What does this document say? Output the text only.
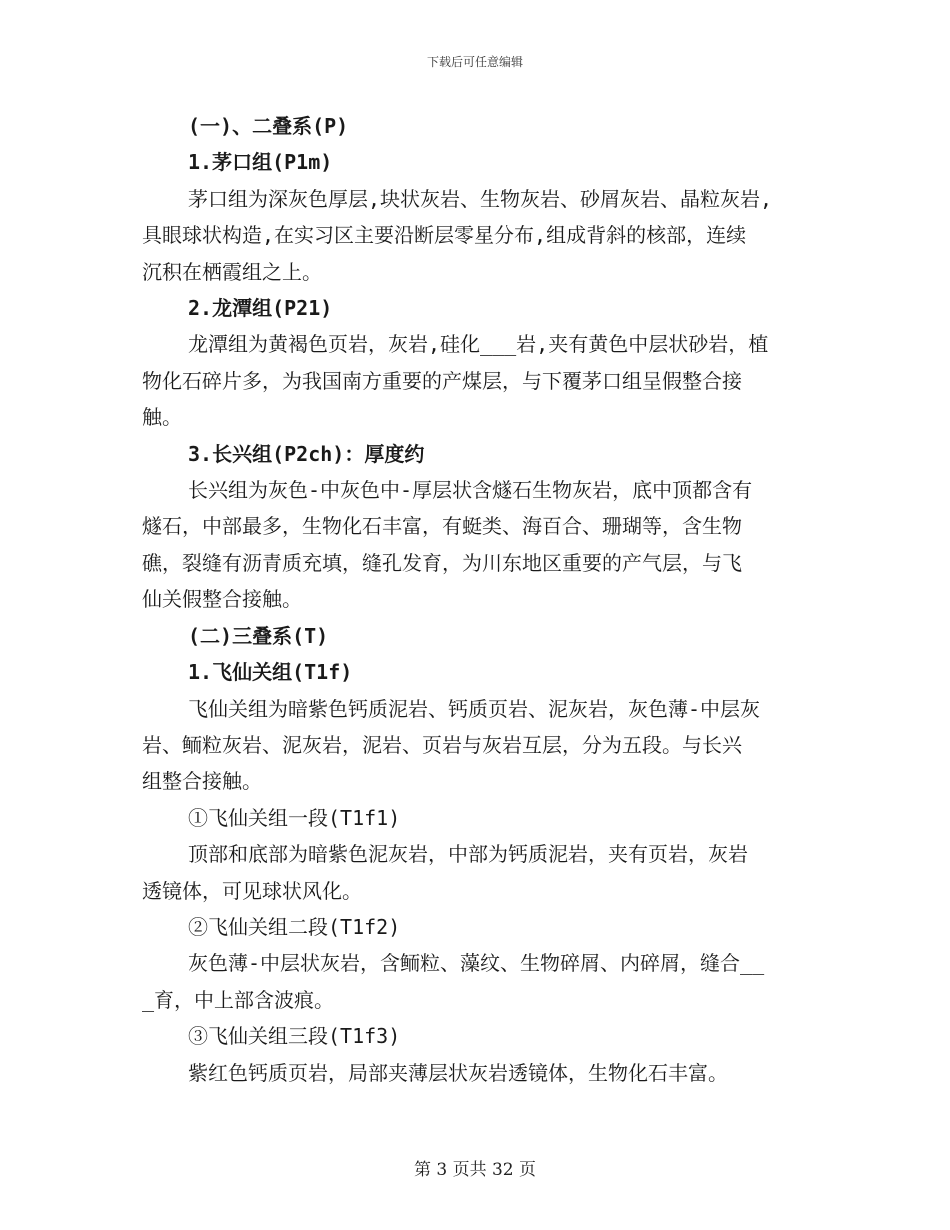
下载后可任意编辑

(一)、二叠系(P)

1.茅口组(P1m)

茅口组为深灰色厚层,块状灰岩、生物灰岩、砂屑灰岩、晶粒灰岩,

具眼球状构造,在实习区主要沿断层零星分布,组成背斜的核部，连续

沉积在栖霞组之上。

2.龙潭组(P21)

龙潭组为黄褐色页岩，灰岩,硅化___岩,夹有黄色中层状砂岩，植

物化石碎片多，为我国南方重要的产煤层，与下覆茅口组呈假整合接

触。

3.长兴组(P2ch)：厚度约

长兴组为灰色-中灰色中-厚层状含燧石生物灰岩，底中顶都含有

燧石，中部最多，生物化石丰富，有蜓类、海百合、珊瑚等，含生物

礁，裂缝有沥青质充填，缝孔发育，为川东地区重要的产气层，与飞

仙关假整合接触。

(二)三叠系(T)

1.飞仙关组(T1f)

飞仙关组为暗紫色钙质泥岩、钙质页岩、泥灰岩，灰色薄-中层灰

岩、鲕粒灰岩、泥灰岩，泥岩、页岩与灰岩互层，分为五段。与长兴

组整合接触。

①飞仙关组一段(T1f1)

顶部和底部为暗紫色泥灰岩，中部为钙质泥岩，夹有页岩，灰岩

透镜体，可见球状风化。

②飞仙关组二段(T1f2)

灰色薄-中层状灰岩，含鲕粒、藻纹、生物碎屑、内碎屑，缝合__

_育，中上部含波痕。

③飞仙关组三段(T1f3)

紫红色钙质页岩，局部夹薄层状灰岩透镜体，生物化石丰富。

第 3 页共 32 页
